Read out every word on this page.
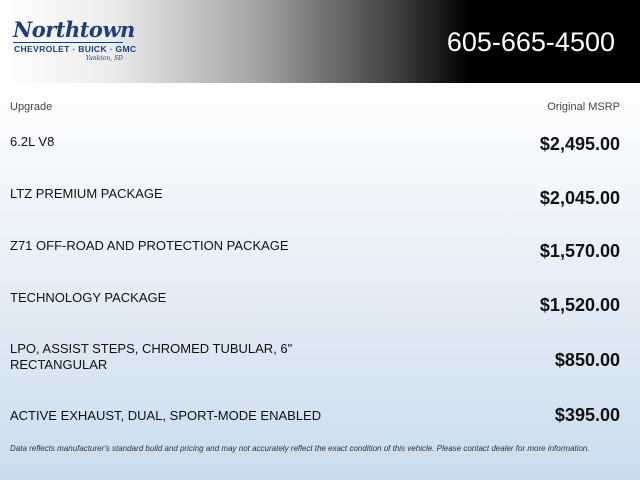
Northtown
CHEVROLET · BUICK · GMC
Yankton, SD
605-665-4500
Upgrade	Original MSRP
6.2L V8	$2,495.00
LTZ PREMIUM PACKAGE	$2,045.00
Z71 OFF-ROAD AND PROTECTION PACKAGE	$1,570.00
TECHNOLOGY PACKAGE	$1,520.00
LPO, ASSIST STEPS, CHROMED TUBULAR, 6" RECTANGULAR	$850.00
ACTIVE EXHAUST, DUAL, SPORT-MODE ENABLED	$395.00
Data reflects manufacturer's standard build and pricing and may not accurately reflect the exact condition of this vehicle. Please contact dealer for more information.
